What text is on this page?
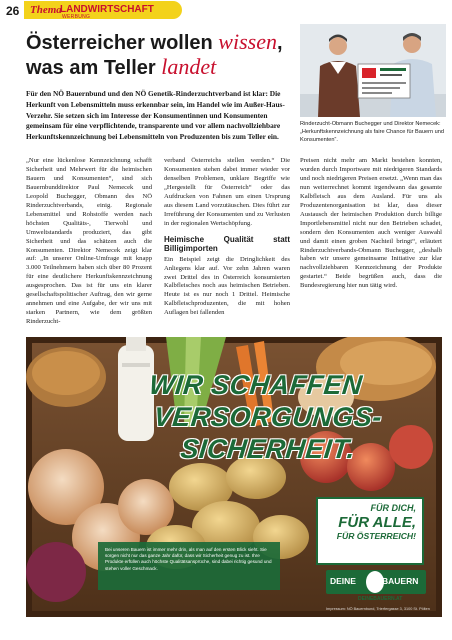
26 Thema
LANDWIRTSCHAFT
WERBUNG
Österreicher wollen wissen, was am Teller landet

Für den NÖ Bauernbund und den NÖ Genetik-Rinderzuchtverband ist klar: Die Herkunft von Lebensmitteln muss erkennbar sein, im Handel wie im Außer-Haus-Verzehr. Sie setzen sich im Interesse der Konsumentinnen und Konsumenten gemeinsam für eine verpflichtende, transparente und vor allem nachvollziehbare Herkunftskennzeichnung bei Lebensmitteln von Produzenten bis zum Teller ein.

Rinderzucht-Obmann Buchegger und Direktor Nemecek: „Herkunftskennzeichnung als faire Chance für Bauern und Konsumenten“.

„Nur eine lückenlose Kennzeichnung schafft Sicherheit und Mehrwert für die heimischen Bauern und Konsumenten“, sind sich Bauernbunddirektor Paul Nemecek und Leopold Buchegger, Obmann des NÖ Rinderzuchtverbands, einig. Regionale Lebensmittel und Rohstoffe werden nach höchsten Qualitäts-, Tierwohl und Umweltstandards produziert, das gibt Sicherheit und das schätzen auch die Konsumenten. Direktor Nemecek zeigt klar auf: „In unserer Online-Umfrage mit knapp 3.000 Teilnehmern haben sich über 80 Prozent für eine deutlichere Herkunftskennzeichnung ausgesprochen. Das ist für uns ein klarer gesellschaftspolitischer Auftrag, den wir gerne annehmen und eine Aufgabe, der wir uns mit starken Partnern, wie dem größten Rinderzucht-

verband Österreichs stellen werden.“ Die Konsumenten stehen dabei immer wieder vor denselben Problemen, unklare Begriffe wie „Hergestellt für Österreich“ oder das Aufdrucken von Fahnen um einen Ursprung aus diesem Land vorzutäuschen. Dies führt zur Irreführung der Konsumenten und zu Verlusten in der regionalen Wertschöpfung.

Heimische Qualität statt Billigimporten

Ein Beispiel zeigt die Dringlichkeit des Anliegens klar auf. Vor zehn Jahren waren zwei Drittel des in Österreich konsumierten Kalbfleisches noch aus heimischen Betrieben. Heute ist es nur noch 1 Drittel. Heimische Kalbfleischproduzenten, die mit hohen Auflagen bei fallenden

Preisen nicht mehr am Markt bestehen konnten, wurden durch Importware mit niedrigeren Standards und noch niedrigeren Preisen ersetzt. „Wenn man das nun weiterrechnet kommt irgendwann das gesamte Kalbfleisch aus dem Ausland. Für uns als Produzentenorganisation ist klar, dass dieser Austausch der heimischen Produktion durch billige Importlebensmittel nicht nur den Betrieben schadet, sondern den Konsumenten auch weniger Auswahl und damit einen groben Nachteil bringt“, erläutert Rinderzuchtverbands-Obmann Buchegger, „deshalb haben wir unsere gemeinsame Initiative zur klar nachvollziehbaren Kennzeichnung der Produkte gestartet.“ Beide begrüßen auch, dass die Bundesregierung hier nun tätig wird.

WIR SCHAFFEN
VERSORGUNGS-
SICHERHEIT.

Bei unseren Bauern ist immer mehr drin, als man auf den ersten Blick sieht. Sie sorgen nicht nur das ganze Jahr dafür, dass wir Sicherheit genug zu ist. Ihre Produkte erfüllen auch höchste Qualitätsansprüche, sind dabei richtig gesund und stehen voller Geschmack.

FÜR DICH,
FÜR ALLE,
FÜR ÖSTERREICH!
DEINE	BAUERN
DEINEBAUERN.AT
Impressum: NÖ Bauernbund, Trierfergasse 3, 3100 St. Pölten
